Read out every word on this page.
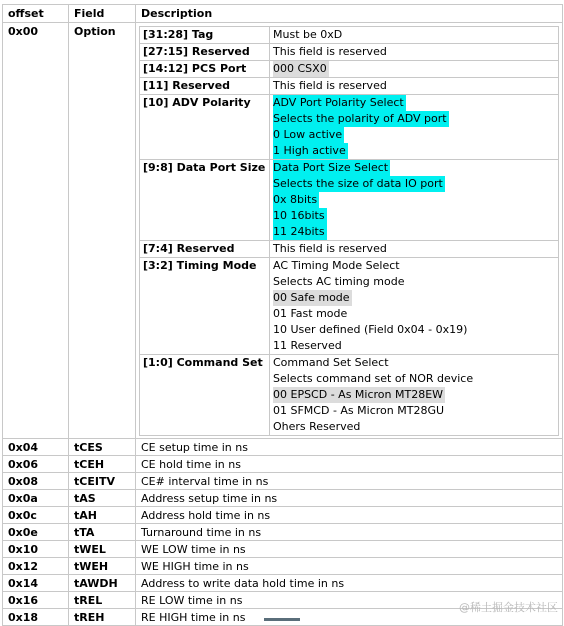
offset	Field	Description
0x00	Option	[31:28] Tag	Must be 0xD

[27:15] Reserved	This field is reserved

[14:12] PCS Port	000 CSX0

[11] Reserved	This field is reserved

[10] ADV Polarity	ADV Port Polarity Select
Selects the polarity of ADV port
0 Low active
1 High active

[9:8] Data Port Size	Data Port Size Select
Selects the size of data IO port
0x 8bits
10 16bits
11 24bits

[7:4] Reserved	This field is reserved

[3:2] Timing Mode	AC Timing Mode Select
Selects AC timing mode
00 Safe mode
01 Fast mode
10 User defined (Field 0x04 - 0x19)
11 Reserved

[1:0] Command Set	Command Set Select
Selects command set of NOR device
00 EPSCD - As Micron MT28EW
01 SFMCD - As Micron MT28GU
Ohers Reserved

0x04	tCES	CE setup time in ns
0x06	tCEH	CE hold time in ns
0x08	tCEITV	CE# interval time in ns
0x0a	tAS	Address setup time in ns
0x0c	tAH	Address hold time in ns
0x0e	tTA	Turnaround time in ns
0x10	tWEL	WE LOW time in ns
0x12	tWEH	WE HIGH time in ns
0x14	tAWDH	Address to write data hold time in ns
0x16	tREL	RE LOW time in ns
0x18	tREH	RE HIGH time in ns
@稀土掘金技术社区
